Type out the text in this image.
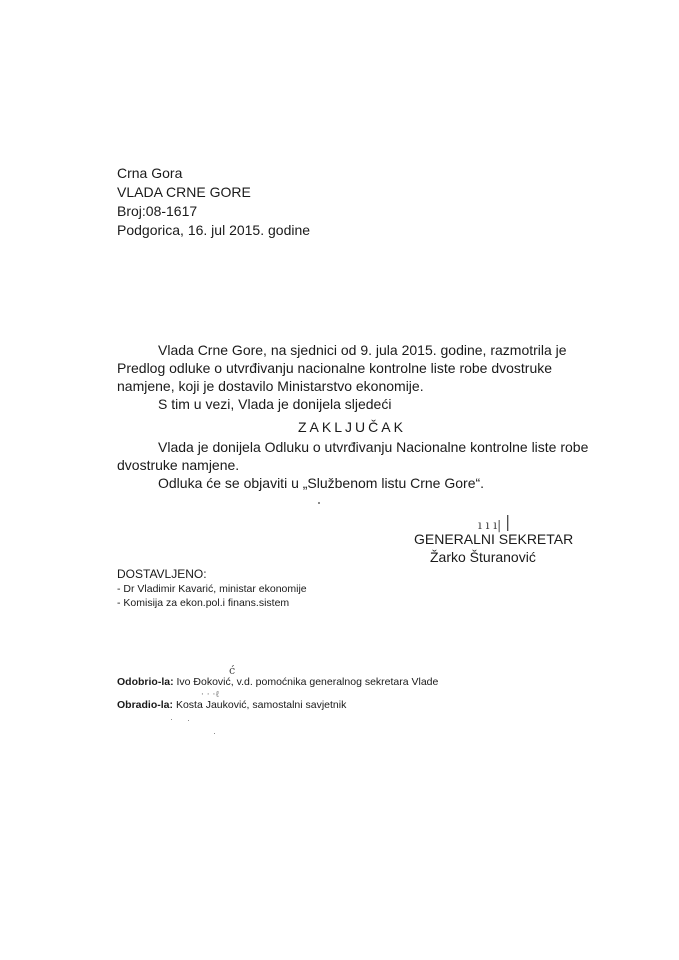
Crna Gora
VLADA CRNE GORE
Broj:08-1617
Podgorica, 16. jul 2015. godine
Vlada Crne Gore, na sjednici od 9. jula 2015. godine, razmotrila je
Predlog odluke o utvrđivanju nacionalne kontrolne liste robe dvostruke
namjene, koji je dostavilo Ministarstvo ekonomije.
S tim u vezi, Vlada je donijela sljedeći
ZAKLJUČAK
Vlada je donijela Odluku o utvrđivanju Nacionalne kontrolne liste robe
dvostruke namjene.
Odluka će se objaviti u „Službenom listu Crne Gore“.
ı ı ı| |
GENERALNI SEKRETAR
Žarko Šturanović
DOSTAVLJENO:
- Dr Vladimir Kavarić, ministar ekonomije
- Komisija za ekon.pol.i finans.sistem
Odobrio-la: Ivo Đoković, v.d. pomoćnika generalnog sekretara Vlade
ć
· · ·ℓ
Obradio-la: Kosta Jauković, samostalni savjetnik
